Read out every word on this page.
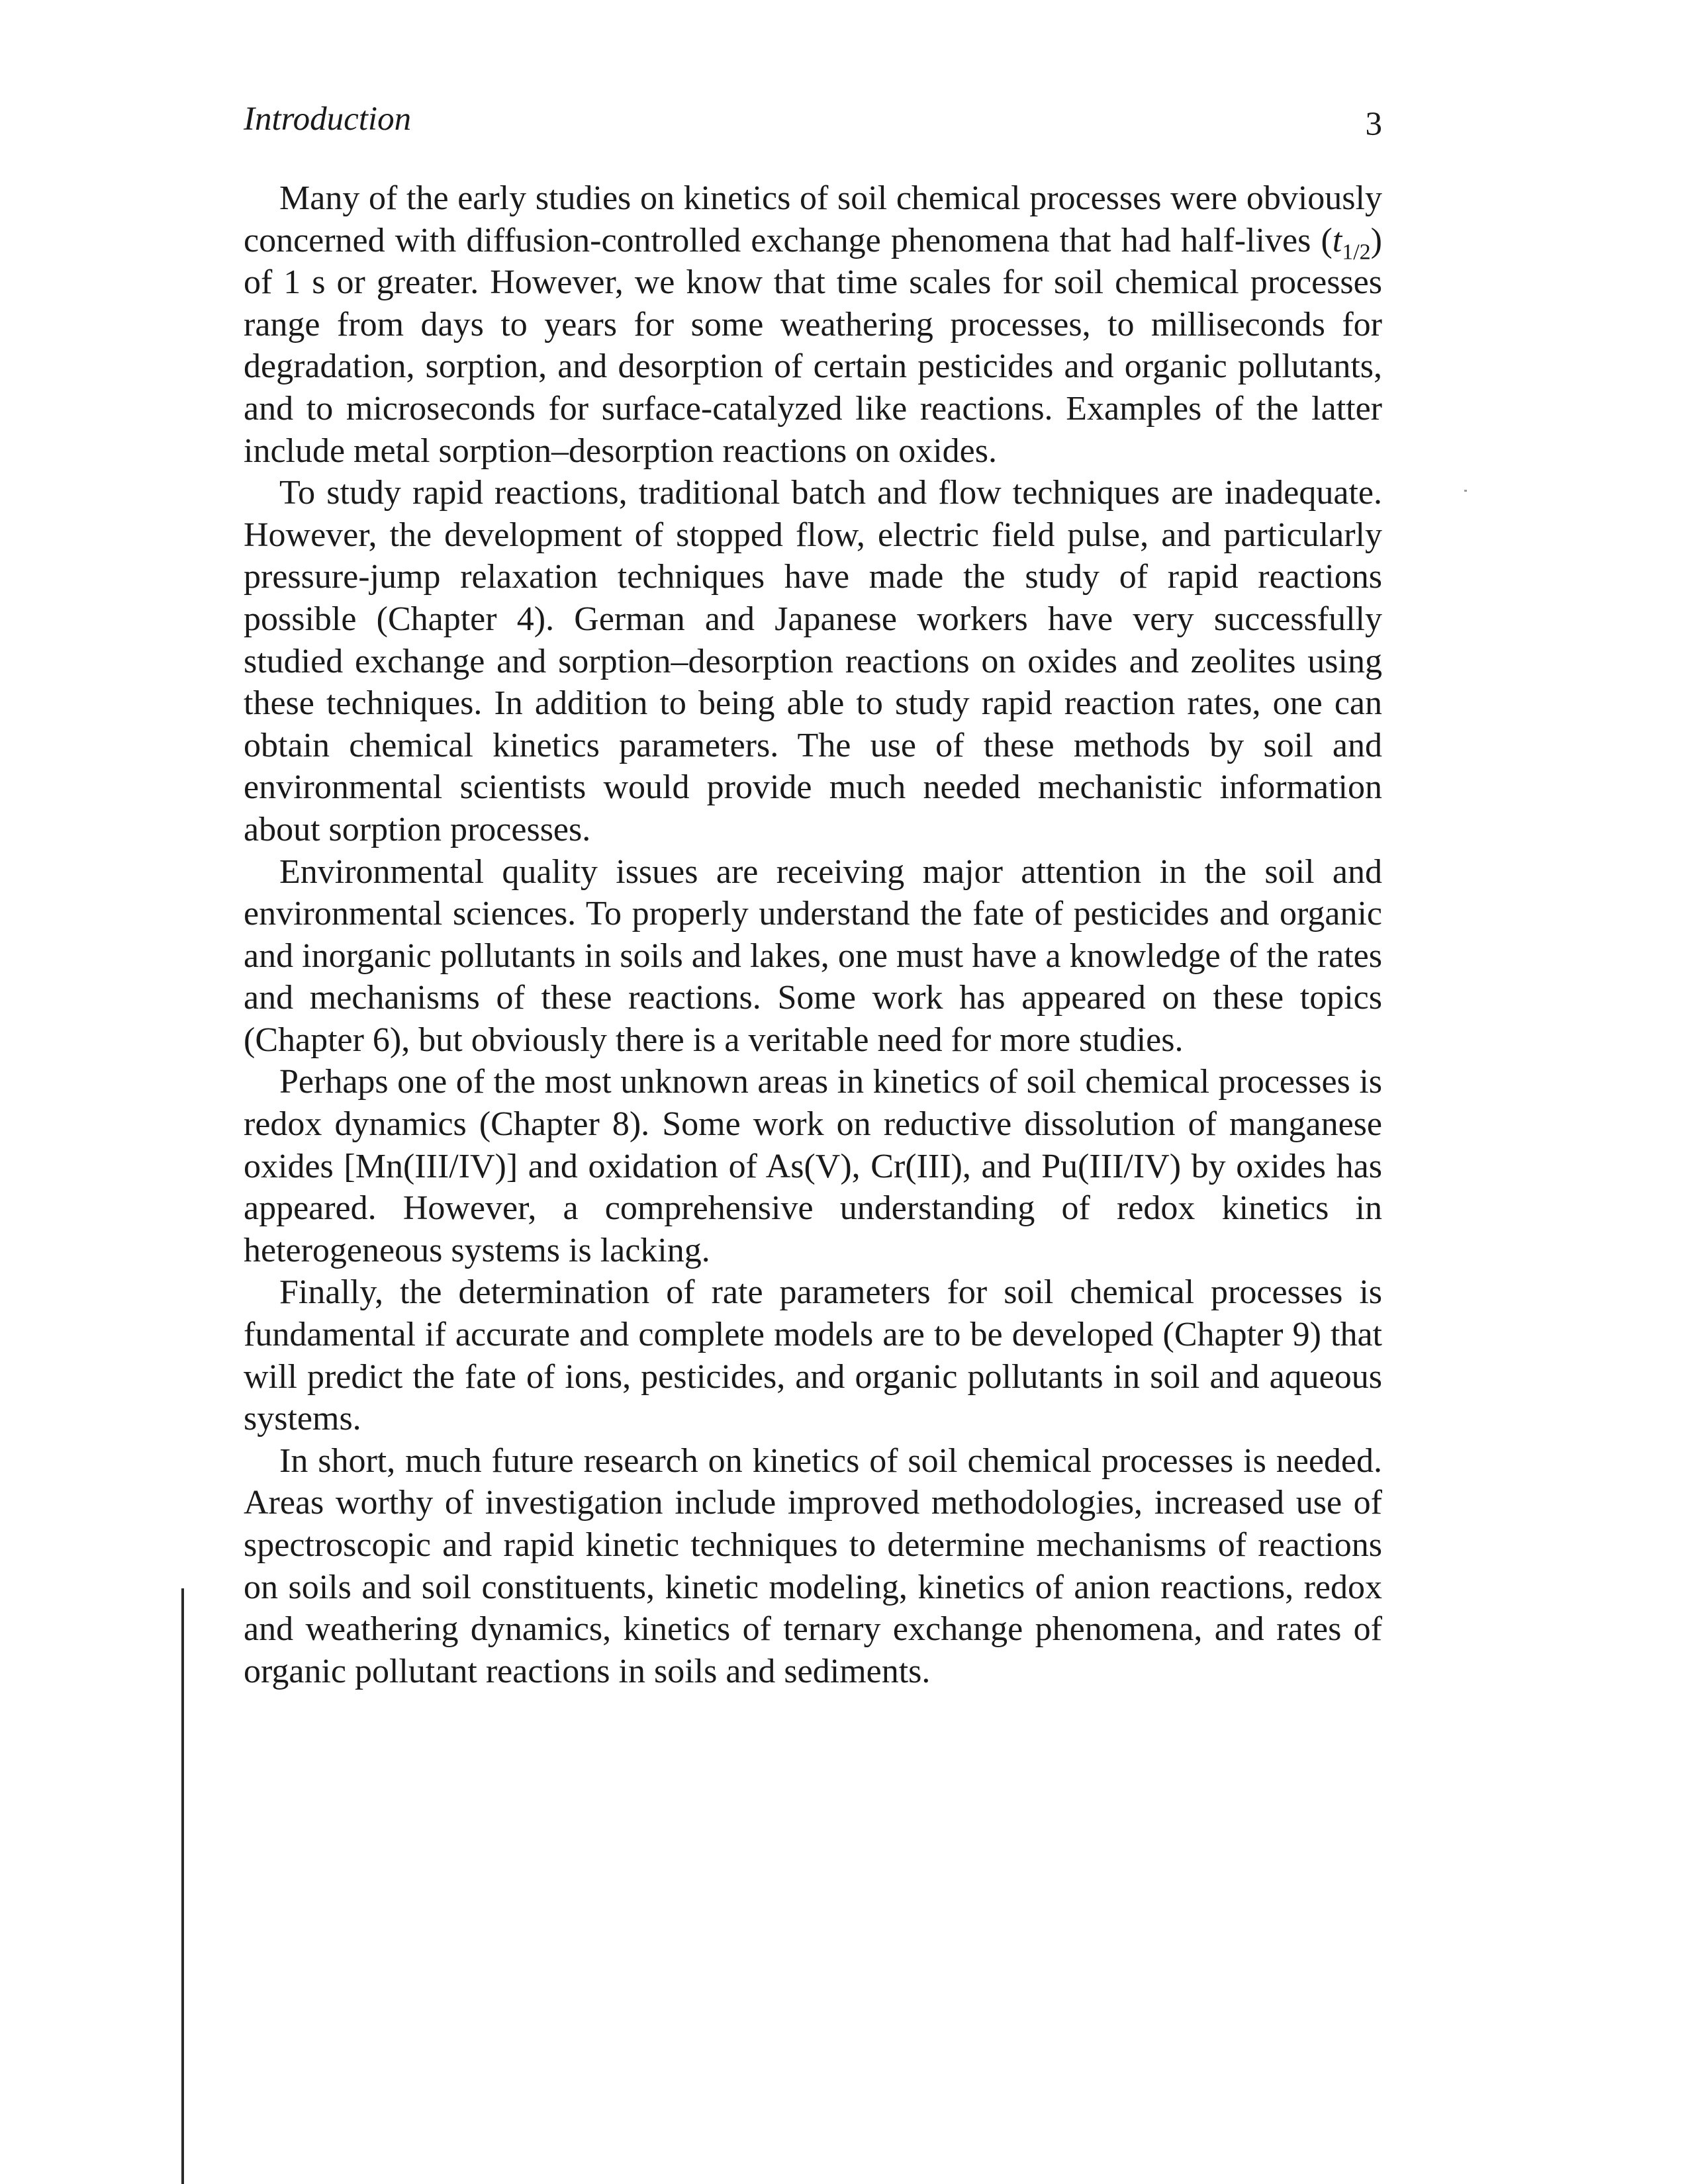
Introduction	3

Many of the early studies on kinetics of soil chemical processes were obviously concerned with diffusion-controlled exchange phenomena that had half-lives $(t_{1/2})$ of 1 s or greater. However, we know that time scales for soil chemical processes range from days to years for some weathering processes, to milliseconds for degradation, sorption, and desorption of certain pesticides and organic pollutants, and to microseconds for surface-catalyzed like reactions. Examples of the latter include metal sorption–desorption reactions on oxides.

To study rapid reactions, traditional batch and flow techniques are inadequate. However, the development of stopped flow, electric field pulse, and particularly pressure-jump relaxation techniques have made the study of rapid reactions possible (Chapter 4). German and Japanese workers have very successfully studied exchange and sorption–desorption reactions on oxides and zeolites using these techniques. In addition to being able to study rapid reaction rates, one can obtain chemical kinetics parameters. The use of these methods by soil and environmental scientists would provide much needed mechanistic information about sorption processes.

Environmental quality issues are receiving major attention in the soil and environmental sciences. To properly understand the fate of pesticides and organic and inorganic pollutants in soils and lakes, one must have a knowledge of the rates and mechanisms of these reactions. Some work has appeared on these topics (Chapter 6), but obviously there is a veritable need for more studies.

Perhaps one of the most unknown areas in kinetics of soil chemical processes is redox dynamics (Chapter 8). Some work on reductive dissolution of manganese oxides [Mn(III/IV)] and oxidation of As(V), Cr(III), and Pu(III/IV) by oxides has appeared. However, a comprehensive understanding of redox kinetics in heterogeneous systems is lacking.

Finally, the determination of rate parameters for soil chemical processes is fundamental if accurate and complete models are to be developed (Chapter 9) that will predict the fate of ions, pesticides, and organic pollutants in soil and aqueous systems.

In short, much future research on kinetics of soil chemical processes is needed. Areas worthy of investigation include improved methodologies, increased use of spectroscopic and rapid kinetic techniques to determine mechanisms of reactions on soils and soil constituents, kinetic modeling, kinetics of anion reactions, redox and weathering dynamics, kinetics of ternary exchange phenomena, and rates of organic pollutant reactions in soils and sediments.
